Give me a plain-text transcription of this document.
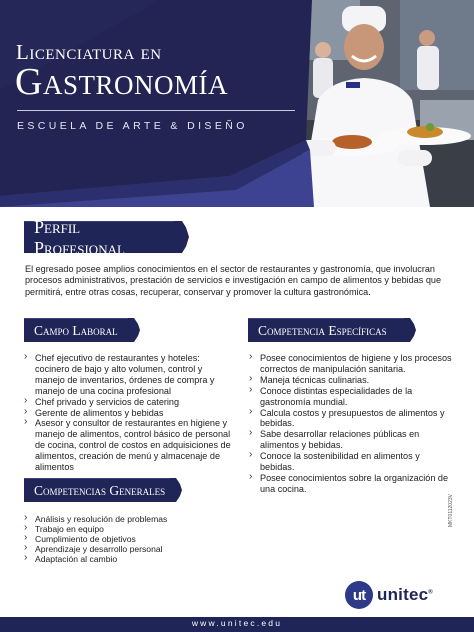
Licenciatura en
Gastronomía
ESCUELA DE ARTE & DISEÑO
Perfil Profesional

El egresado posee amplios conocimientos en el sector de restaurantes y gastronomía, que involucran procesos administrativos, prestación de servicios e investigación en campo de alimentos y bebidas que permitirá, entre otras cosas, recuperar, conservar y promover la cultura gastronómica.

Campo Laboral
› Chef ejecutivo de restaurantes y hoteles: cocinero de bajo y alto volumen, control y manejo de inventarios, órdenes de compra y manejo de una cocina profesional
› Chef privado y servicios de catering
› Gerente de alimentos y bebidas
› Asesor y consultor de restaurantes en higiene y manejo de alimentos, control básico de personal de cocina, control de costos en adquisiciones de alimentos, creación de menú y almacenaje de alimentos
Competencia Específicas
› Posee conocimientos de higiene y los procesos correctos de manipulación sanitaria.
› Maneja técnicas culinarias.
› Conoce distintas especialidades de la gastronomía mundial.
› Calcula costos y presupuestos de alimentos y bebidas.
› Sabe desarrollar relaciones públicas en alimentos y bebidas.
› Conoce la sostenibilidad en alimentos y bebidas.
› Posee conocimientos sobre la organización de una cocina.
Competencias Generales
› Análisis y resolución de problemas
› Trabajo en equipo
› Cumplimiento de objetivos
› Aprendizaje y desarrollo personal
› Adaptación al cambio
MKT0112023V
ut unitec®
www.unitec.edu
